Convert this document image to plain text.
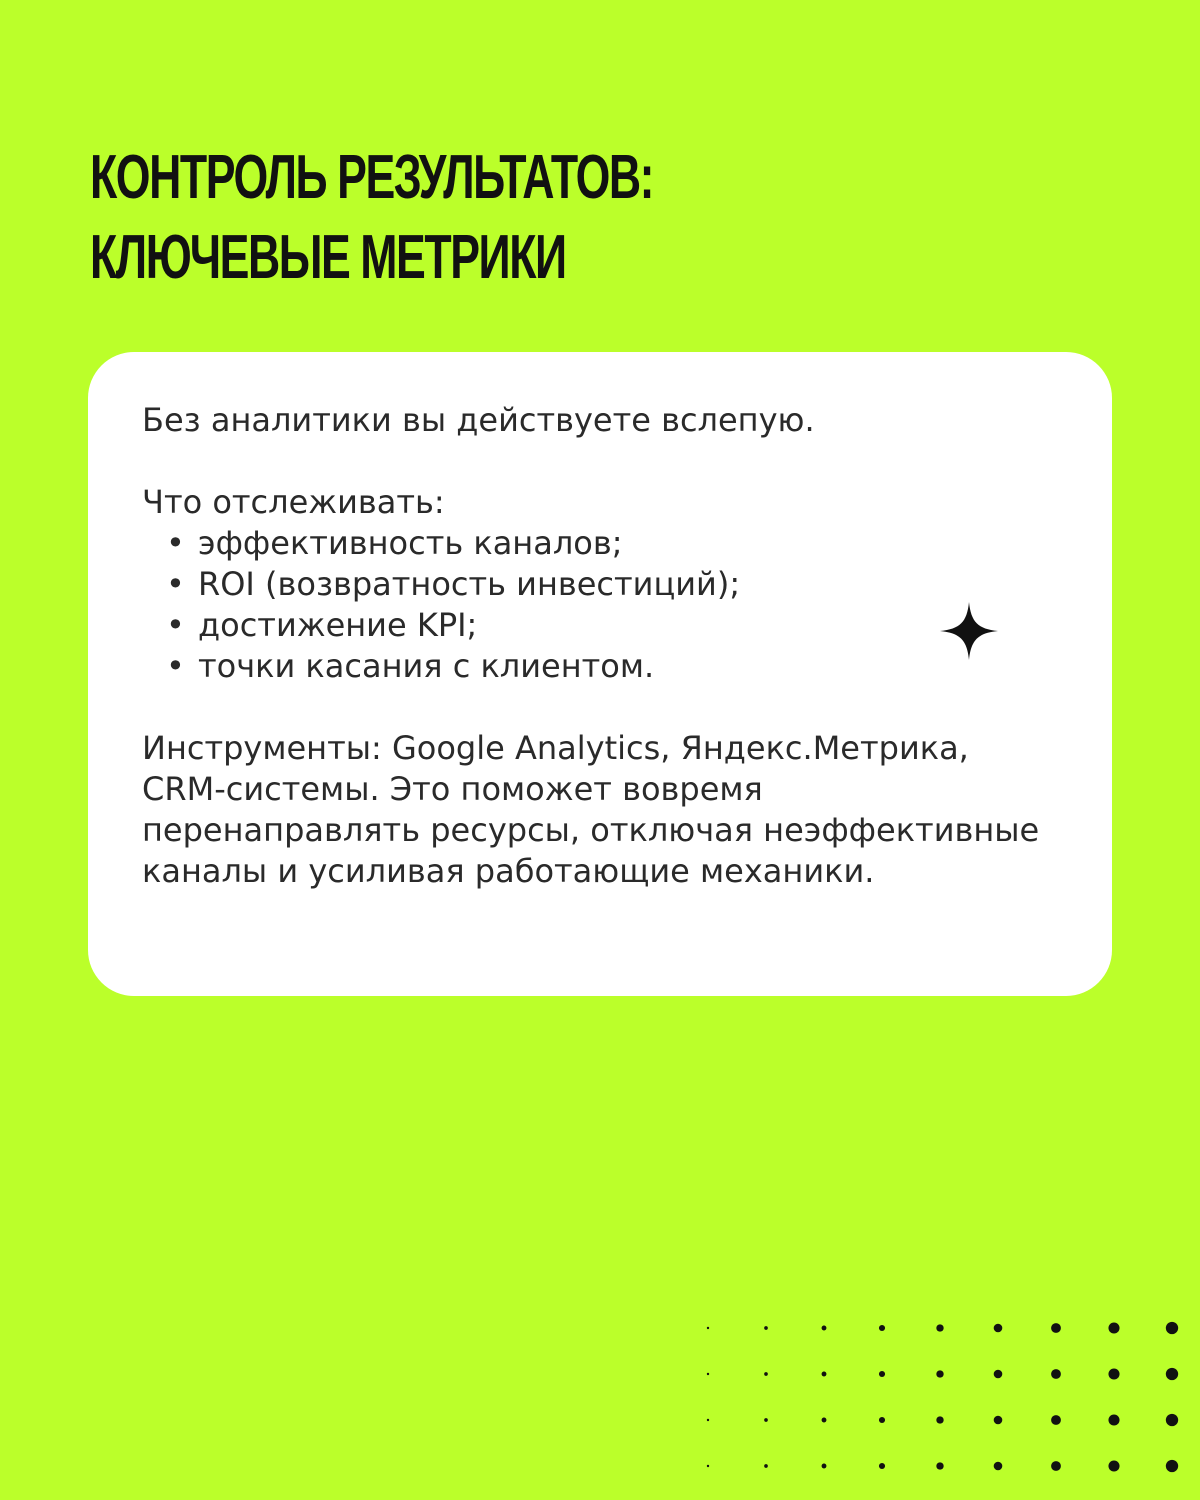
КОНТРОЛЬ РЕЗУЛЬТАТОВ:
КЛЮЧЕВЫЕ МЕТРИКИ

Без аналитики вы действуете вслепую.

Что отслеживать:

• эффективность каналов;
• ROI (возвратность инвестиций);
• достижение KPI;
• точки касания с клиентом.

Инструменты: Google Analytics, Яндекс.Метрика, CRM-системы. Это поможет вовремя перенаправлять ресурсы, отключая неэффективные каналы и усиливая работающие механики.
